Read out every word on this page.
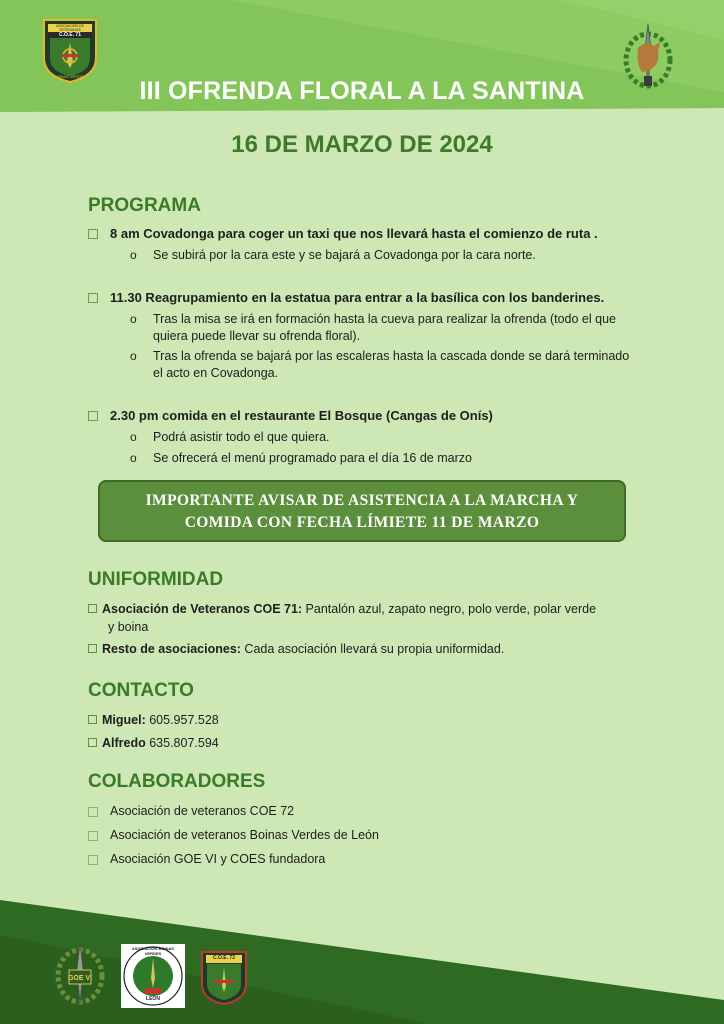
ASOCIACIÓN DE VETERANOS
C.O.E. 71
BOINAS VERDES
III OFRENDA FLORAL A LA SANTINA
16 DE MARZO DE 2024
PROGRAMA
8 am Covadonga para coger un taxi que nos llevará hasta el comienzo de ruta .
o	Se subirá por la cara este y se bajará a Covadonga por la cara norte.
11.30 Reagrupamiento en la estatua para entrar a la basílica con los banderines.
o	Tras la misa se irá en formación hasta la cueva para realizar la ofrenda (todo el que quiera puede llevar su ofrenda floral).
o	Tras la ofrenda se bajará por las escaleras hasta la cascada donde se dará terminado el acto en Covadonga.
2.30 pm comida en el restaurante El Bosque (Cangas de Onís)
o	Podrá asistir todo el que quiera.
o	Se ofrecerá el menú programado para el día 16 de marzo
IMPORTANTE AVISAR DE ASISTENCIA A LA MARCHA Y
COMIDA CON FECHA LÍMIETE 11 DE MARZO
UNIFORMIDAD
Asociación de Veteranos COE 71: Pantalón azul, zapato negro, polo verde, polar verde
y boina
Resto de asociaciones: Cada asociación llevará su propia uniformidad.
CONTACTO
Miguel: 605.957.528
Alfredo 635.807.594
COLABORADORES
Asociación de veteranos COE 72
Asociación de veteranos Boinas Verdes de León
Asociación GOE VI y COES fundadora
GOE VI
ASOCIACIÓN BOINAS VERDES
LEÓN
C.O.E. 72
